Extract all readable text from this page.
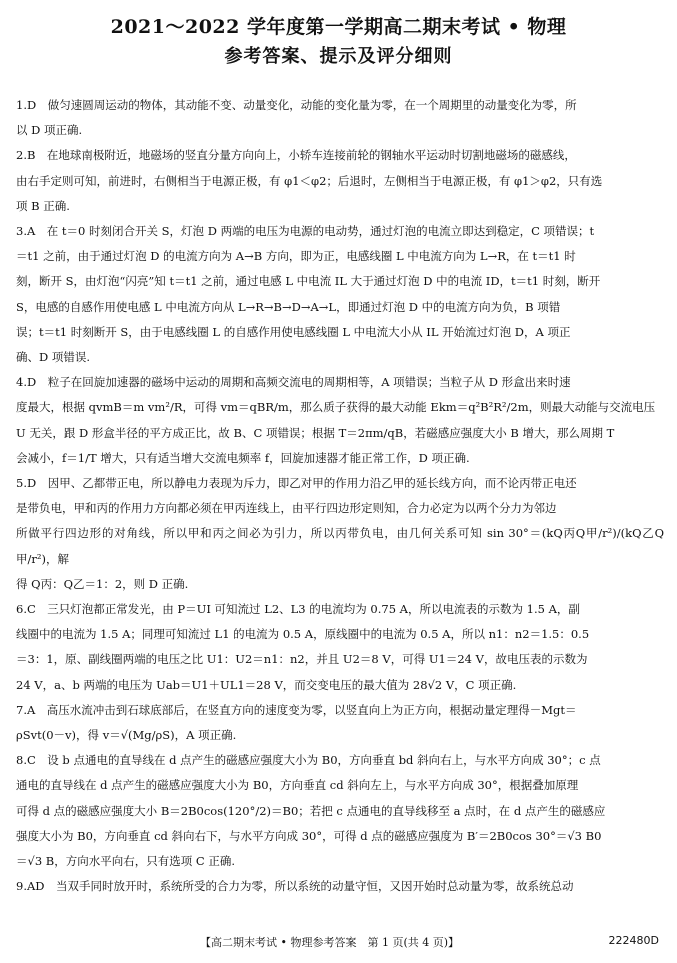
2021～2022 学年度第一学期高二期末考试 • 物理
参考答案、提示及评分细则

1.D　做匀速圆周运动的物体，其动能不变、动量变化，动能的变化量为零，在一个周期里的动量变化为零，所

以 D 项正确.

2.B　在地球南极附近，地磁场的竖直分量方向向上，小轿车连接前轮的钢轴水平运动时切割地磁场的磁感线，

由右手定则可知，前进时，右侧相当于电源正极，有 φ1＜φ2；后退时，左侧相当于电源正极，有 φ1＞φ2，只有选

项 B 正确.

3.A　在 t＝0 时刻闭合开关 S，灯泡 D 两端的电压为电源的电动势，通过灯泡的电流立即达到稳定，C 项错误；t

＝t1 之前，由于通过灯泡 D 的电流方向为 A→B 方向，即为正，电感线圈 L 中电流方向为 L→R，在 t＝t1 时

刻，断开 S，由灯泡“闪亮”知 t＝t1 之前，通过电感 L 中电流 IL 大于通过灯泡 D 中的电流 ID，t＝t1 时刻，断开

S，电感的自感作用使电感 L 中电流方向从 L→R→B→D→A→L，即通过灯泡 D 中的电流方向为负，B 项错

误；t＝t1 时刻断开 S，由于电感线圈 L 的自感作用使电感线圈 L 中电流大小从 IL 开始流过灯泡 D，A 项正

确、D 项错误.

4.D　粒子在回旋加速器的磁场中运动的周期和高频交流电的周期相等，A 项错误；当粒子从 D 形盒出来时速

度最大，根据 qvmB＝m vm²/R，可得 vm＝qBR/m，那么质子获得的最大动能 Ekm＝q²B²R²/2m，则最大动能与交流电压

U 无关，跟 D 形盒半径的平方成正比，故 B、C 项错误；根据 T＝2πm/qB，若磁感应强度大小 B 增大，那么周期 T

会减小，f＝1/T 增大，只有适当增大交流电频率 f，回旋加速器才能正常工作，D 项正确.

5.D　因甲、乙都带正电，所以静电力表现为斥力，即乙对甲的作用力沿乙甲的延长线方向，而不论丙带正电还

是带负电，甲和丙的作用力方向都必须在甲丙连线上，由平行四边形定则知，合力必定为以两个分力为邻边

所做平行四边形的对角线，所以甲和丙之间必为引力，所以丙带负电，由几何关系可知 sin 30°＝(kQ丙Q甲/r²)/(kQ乙Q甲/r²)，解

得 Q丙：Q乙＝1：2，则 D 正确.

6.C　三只灯泡都正常发光，由 P＝UI 可知流过 L2、L3 的电流均为 0.75 A，所以电流表的示数为 1.5 A，副

线圈中的电流为 1.5 A；同理可知流过 L1 的电流为 0.5 A，原线圈中的电流为 0.5 A，所以 n1：n2＝1.5：0.5

＝3：1，原、副线圈两端的电压之比 U1：U2＝n1：n2，并且 U2＝8 V，可得 U1＝24 V，故电压表的示数为

24 V，a、b 两端的电压为 Uab＝U1＋UL1＝28 V，而交变电压的最大值为 28√2 V，C 项正确.

7.A　高压水流冲击到石球底部后，在竖直方向的速度变为零，以竖直向上为正方向，根据动量定理得－Mgt＝

ρSvt(0－v)，得 v＝√(Mg/ρS)，A 项正确.

8.C　设 b 点通电的直导线在 d 点产生的磁感应强度大小为 B0，方向垂直 bd 斜向右上，与水平方向成 30°；c 点

通电的直导线在 d 点产生的磁感应强度大小为 B0，方向垂直 cd 斜向左上，与水平方向成 30°，根据叠加原理

可得 d 点的磁感应强度大小 B＝2B0cos(120°/2)＝B0；若把 c 点通电的直导线移至 a 点时，在 d 点产生的磁感应

强度大小为 B0，方向垂直 cd 斜向右下，与水平方向成 30°，可得 d 点的磁感应强度为 B′＝2B0cos 30°＝√3 B0

＝√3 B，方向水平向右，只有选项 C 正确.

9.AD　当双手同时放开时，系统所受的合力为零，所以系统的动量守恒，又因开始时总动量为零，故系统总动

【高二期末考试 • 物理参考答案　第 1 页(共 4 页)】	222480D
